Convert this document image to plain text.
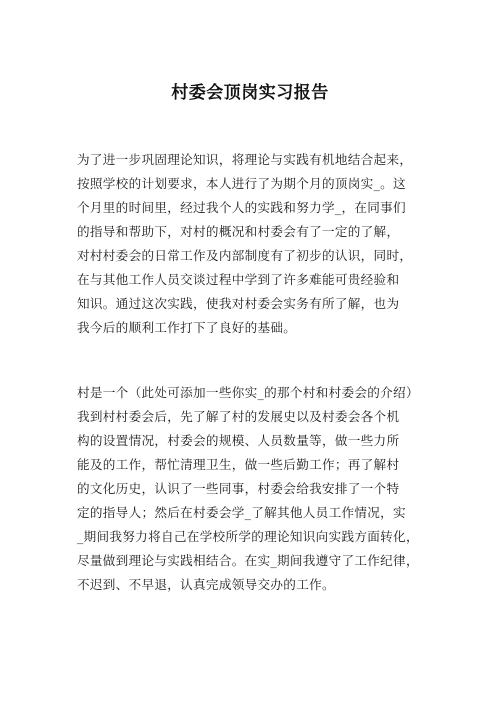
村委会顶岗实习报告
为了进一步巩固理论知识，将理论与实践有机地结合起来，
按照学校的计划要求，本人进行了为期个月的顶岗实_。这
个月里的时间里，经过我个人的实践和努力学_，在同事们
的指导和帮助下，对村的概况和村委会有了一定的了解，
对村村委会的日常工作及内部制度有了初步的认识，同时，
在与其他工作人员交谈过程中学到了许多难能可贵经验和
知识。通过这次实践，使我对村委会实务有所了解，也为
我今后的顺利工作打下了良好的基础。
村是一个（此处可添加一些你实_的那个村和村委会的介绍）
我到村村委会后，先了解了村的发展史以及村委会各个机
构的设置情况，村委会的规模、人员数量等，做一些力所
能及的工作，帮忙清理卫生，做一些后勤工作；再了解村
的文化历史，认识了一些同事，村委会给我安排了一个特
定的指导人；然后在村委会学_了解其他人员工作情况，实
_期间我努力将自己在学校所学的理论知识向实践方面转化，
尽量做到理论与实践相结合。在实_期间我遵守了工作纪律，
不迟到、不早退，认真完成领导交办的工作。
